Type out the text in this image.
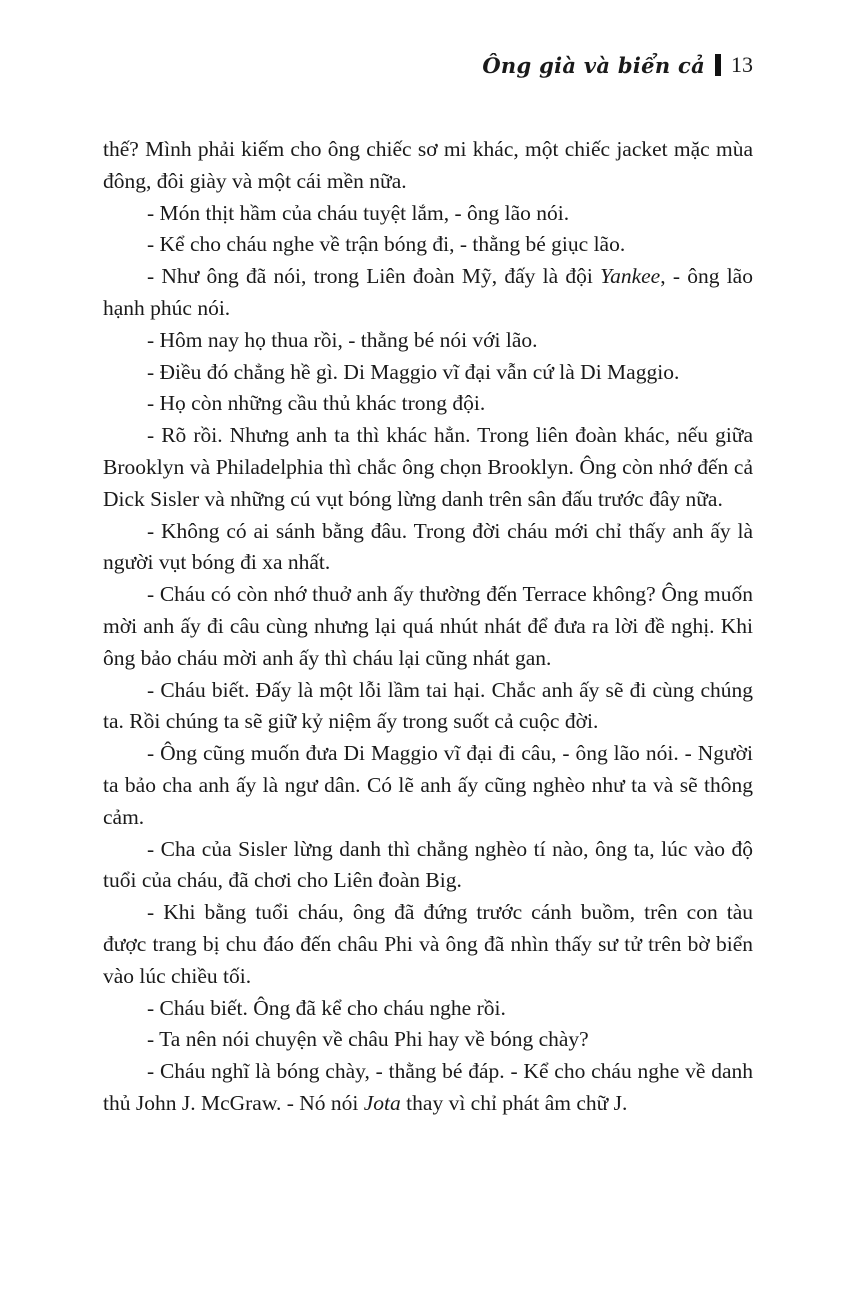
Ông già và biển cả 13

thế? Mình phải kiếm cho ông chiếc sơ mi khác, một chiếc jacket mặc mùa đông, đôi giày và một cái mền nữa.

- Món thịt hầm của cháu tuyệt lắm, - ông lão nói.

- Kể cho cháu nghe về trận bóng đi, - thằng bé giục lão.

- Như ông đã nói, trong Liên đoàn Mỹ, đấy là đội Yankee, - ông lão hạnh phúc nói.

- Hôm nay họ thua rồi, - thằng bé nói với lão.

- Điều đó chẳng hề gì. Di Maggio vĩ đại vẫn cứ là Di Maggio.

- Họ còn những cầu thủ khác trong đội.

- Rõ rồi. Nhưng anh ta thì khác hẳn. Trong liên đoàn khác, nếu giữa Brooklyn và Philadelphia thì chắc ông chọn Brooklyn. Ông còn nhớ đến cả Dick Sisler và những cú vụt bóng lừng danh trên sân đấu trước đây nữa.

- Không có ai sánh bằng đâu. Trong đời cháu mới chỉ thấy anh ấy là người vụt bóng đi xa nhất.

- Cháu có còn nhớ thuở anh ấy thường đến Terrace không? Ông muốn mời anh ấy đi câu cùng nhưng lại quá nhút nhát để đưa ra lời đề nghị. Khi ông bảo cháu mời anh ấy thì cháu lại cũng nhát gan.

- Cháu biết. Đấy là một lỗi lầm tai hại. Chắc anh ấy sẽ đi cùng chúng ta. Rồi chúng ta sẽ giữ kỷ niệm ấy trong suốt cả cuộc đời.

- Ông cũng muốn đưa Di Maggio vĩ đại đi câu, - ông lão nói. - Người ta bảo cha anh ấy là ngư dân. Có lẽ anh ấy cũng nghèo như ta và sẽ thông cảm.

- Cha của Sisler lừng danh thì chẳng nghèo tí nào, ông ta, lúc vào độ tuổi của cháu, đã chơi cho Liên đoàn Big.

- Khi bằng tuổi cháu, ông đã đứng trước cánh buồm, trên con tàu được trang bị chu đáo đến châu Phi và ông đã nhìn thấy sư tử trên bờ biển vào lúc chiều tối.

- Cháu biết. Ông đã kể cho cháu nghe rồi.

- Ta nên nói chuyện về châu Phi hay về bóng chày?

- Cháu nghĩ là bóng chày, - thằng bé đáp. - Kể cho cháu nghe về danh thủ John J. McGraw. - Nó nói Jota thay vì chỉ phát âm chữ J.
